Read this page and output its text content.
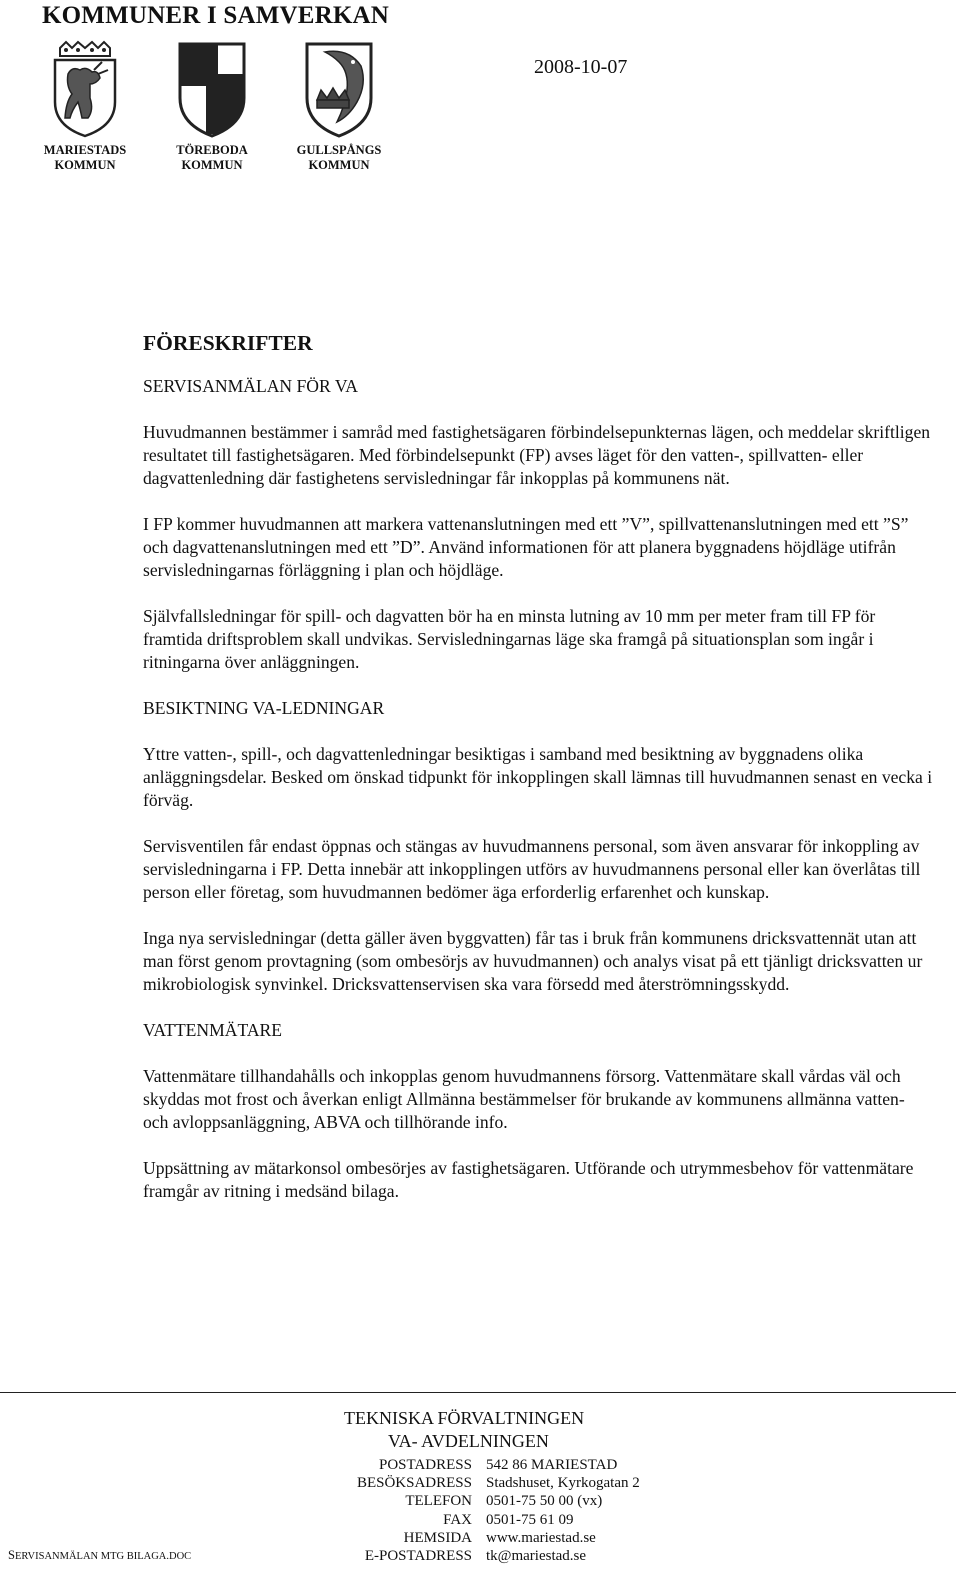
KOMMUNER I SAMVERKAN
MARIESTADS
KOMMUN
TÖREBODA
KOMMUN
GULLSPÅNGS
KOMMUN
2008-10-07
FÖRESKRIFTER
SERVISANMÄLAN FÖR VA

Huvudmannen bestämmer i samråd med fastighetsägaren förbindelsepunkternas lägen, och meddelar skriftligen resultatet till fastighetsägaren. Med förbindelsepunkt (FP) avses läget för den vatten-, spillvatten- eller dagvattenledning där fastighetens servisledningar får inkopplas på kommunens nät.

I FP kommer huvudmannen att markera vattenanslutningen med ett ”V”, spillvattenanslutningen med ett ”S” och dagvattenanslutningen med ett ”D”. Använd informationen för att planera byggnadens höjdläge utifrån servisledningarnas förläggning i plan och höjdläge.

Självfallsledningar för spill- och dagvatten bör ha en minsta lutning av 10 mm per meter fram till FP för framtida driftsproblem skall undvikas. Servisledningarnas läge ska framgå på situationsplan som ingår i ritningarna över anläggningen.

BESIKTNING VA-LEDNINGAR

Yttre vatten-, spill-, och dagvattenledningar besiktigas i samband med besiktning av byggnadens olika anläggningsdelar. Besked om önskad tidpunkt för inkopplingen skall lämnas till huvudmannen senast en vecka i förväg.

Servisventilen får endast öppnas och stängas av huvudmannens personal, som även ansvarar för inkoppling av servisledningarna i FP. Detta innebär att inkopplingen utförs av huvudmannens personal eller kan överlåtas till person eller företag, som huvudmannen bedömer äga erforderlig erfarenhet och kunskap.

Inga nya servisledningar (detta gäller även byggvatten) får tas i bruk från kommunens dricksvattennät utan att man först genom provtagning (som ombesörjs av huvudmannen) och analys visat på ett tjänligt dricksvatten ur mikrobiologisk synvinkel. Dricksvattenservisen ska vara försedd med återströmningsskydd.

VATTENMÄTARE

Vattenmätare tillhandahålls och inkopplas genom huvudmannens försorg. Vattenmätare skall vårdas väl och skyddas mot frost och åverkan enligt Allmänna bestämmelser för brukande av kommunens allmänna vatten- och avloppsanläggning, ABVA och tillhörande info.

Uppsättning av mätarkonsol ombesörjes av fastighetsägaren. Utförande och utrymmesbehov för vattenmätare framgår av ritning i medsänd bilaga.

TEKNISKA FÖRVALTNINGEN
VA- AVDELNINGEN
POSTADRESS 542 86 MARIESTAD
BESÖKSADRESS Stadshuset, Kyrkogatan 2
TELEFON 0501-75 50 00 (vx)
FAX 0501-75 61 09
HEMSIDA www.mariestad.se
E-POSTADRESS tk@mariestad.se
SERVISANMÄLAN MTG BILAGA.DOC
